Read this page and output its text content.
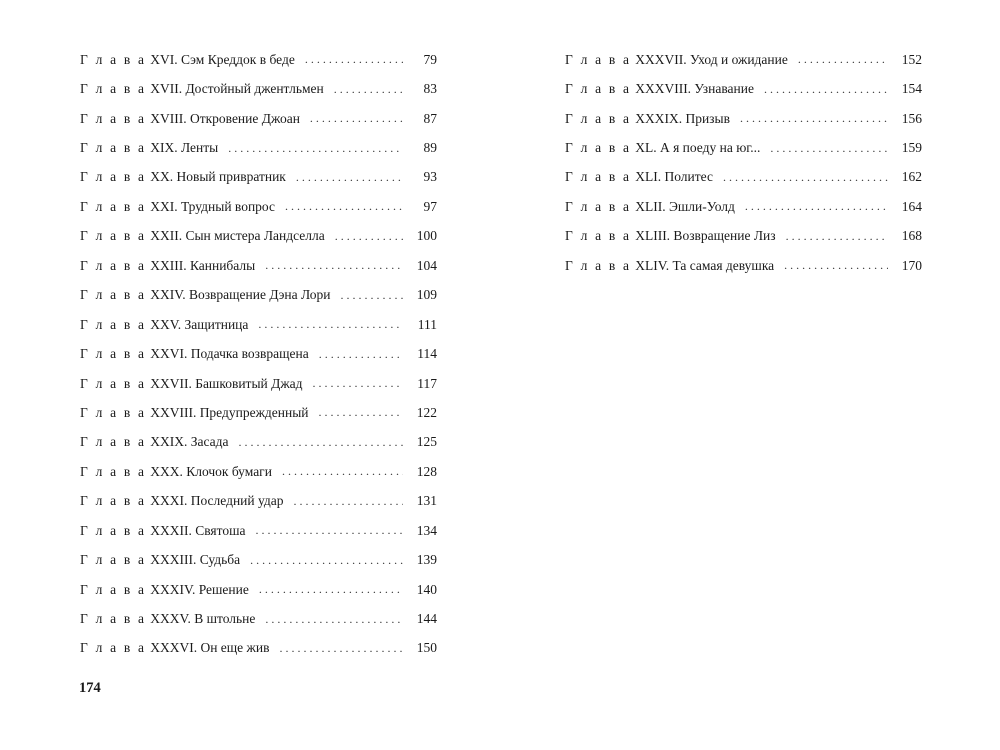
Г л а в а XVI. Сэм Креддок в беде . . .	79
Г л а в а XVII. Достойный джентльмен . . .	83
Г л а в а XVIII. Откровение Джоан . . .	87
Г л а в а XIX. Ленты . . .	89
Г л а в а XX. Новый привратник . . .	93
Г л а в а XXI. Трудный вопрос . . .	97
Г л а в а XXII. Сын мистера Ландселла . . .	100
Г л а в а XXIII. Каннибалы . . .	104
Г л а в а XXIV. Возвращение Дэна Лори . . .	109
Г л а в а XXV. Защитница . . .	111
Г л а в а XXVI. Подачка возвращена . . .	114
Г л а в а XXVII. Башковитый Джад . . .	117
Г л а в а XXVIII. Предупрежденный . . .	122
Г л а в а XXIX. Засада . . .	125
Г л а в а XXX. Клочок бумаги . . .	128
Г л а в а XXXI. Последний удар . . .	131
Г л а в а XXXII. Святоша . . .	134
Г л а в а XXXIII. Судьба . . .	139
Г л а в а XXXIV. Решение . . .	140
Г л а в а XXXV. В штольне . . .	144
Г л а в а XXXVI. Он еще жив . . .	150
Г л а в а XXXVII. Уход и ожидание . . .	152
Г л а в а XXXVIII. Узнавание . . .	154
Г л а в а XXXIX. Призыв . . .	156
Г л а в а XL. А я поеду на юг... . . .	159
Г л а в а XLI. Политес . . .	162
Г л а в а XLII. Эшли-Уолд . . .	164
Г л а в а XLIII. Возвращение Лиз . . .	168
Г л а в а XLIV. Та самая девушка . . .	170
174
